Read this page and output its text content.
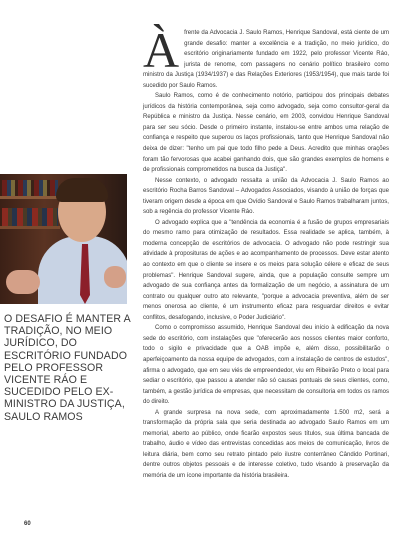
O DESAFIO É MANTER A TRADIÇÃO, NO MEIO JURÍDICO, DO ESCRITÓRIO FUNDADO PELO PROFESSOR VICENTE RÁO E SUCEDIDO PELO EX-MINISTRO DA JUSTIÇA, SAULO RAMOS

À frente da Advocacia J. Saulo Ramos, Henrique Sandoval, está ciente de um grande desafio: manter a excelência e a tradição, no meio jurídico, do escritório originariamente fundado em 1922, pelo professor Vicente Ráo, jurista de renome, com passagens no cenário político brasileiro como ministro da Justiça (1934/1937) e das Relações Exteriores (1953/1954), que mais tarde foi sucedido por Saulo Ramos.

Saulo Ramos, como é de conhecimento notório, participou dos principais debates jurídicos da história contemporânea, seja como advogado, seja como consultor-geral da República e ministro da Justiça. Nesse cenário, em 2003, convidou Henrique Sandoval para ser seu sócio. Desde o primeiro instante, instalou-se entre ambos uma relação de confiança e respeito que superou os laços profissionais, tanto que Henrique Sandoval não deixa de dizer: "tenho um pai que todo filho pede a Deus. Acredito que minhas orações foram tão fervorosas que acabei ganhando dois, que são grandes exemplos de homens e de profissionais comprometidos na busca da Justiça".

Nesse contexto, o advogado ressalta a união da Advocacia J. Saulo Ramos ao escritório Rocha Barros Sandoval – Advogados Associados, visando à união de forças que tiveram origem desde a época em que Ovídio Sandoval e Saulo Ramos trabalharam juntos, sob a regência do professor Vicente Ráo.

O advogado explica que a "tendência da economia é a fusão de grupos empresariais do mesmo ramo para otimização de resultados. Essa realidade se aplica, também, à moderna concepção de escritórios de advocacia. O advogado não pode restringir sua atividade à proposituras de ações e ao acompanhamento de processos. Deve estar atento ao contexto em que o cliente se insere e os meios para solução célere e eficaz de seus problemas". Henrique Sandoval sugere, ainda, que a população consulte sempre um advogado de sua confiança antes da formalização de um negócio, a assinatura de um contrato ou qualquer outro ato relevante, "porque a advocacia preventiva, além de ser menos onerosa ao cliente, é um instrumento eficaz para resguardar direitos e evitar conflitos, desafogando, inclusive, o Poder Judiciário".

Como o compromisso assumido, Henrique Sandoval deu início à edificação da nova sede do escritório, com instalações que "oferecerão aos nossos clientes maior conforto, todo o sigilo e privacidade que a OAB impõe e, além disso, possibilitarão o aperfeiçoamento da nossa equipe de advogados, com a instalação de centros de estudos", afirma o advogado, que em seu viés de empreendedor, viu em Ribeirão Preto o local para sediar o escritório, que passou a atender não só causas pontuais de seus clientes, como, também, a gestão jurídica de empresas, que necessitam de consultoria em todos os ramos do direito.

A grande surpresa na nova sede, com aproximadamente 1.500 m2, será a transformação da própria sala que seria destinada ao advogado Saulo Ramos em um memorial, aberto ao público, onde ficarão expostos seus títulos, sua última bancada de trabalho, áudio e vídeo das entrevistas concedidas aos meios de comunicação, livros de leitura diária, bem como seu retrato pintado pelo ilustre conterrâneo Cândido Portinari, dentre outros objetos pessoais e de interesse coletivo, tudo visando à preservação da memória de um ícone importante da história brasileira.

60
